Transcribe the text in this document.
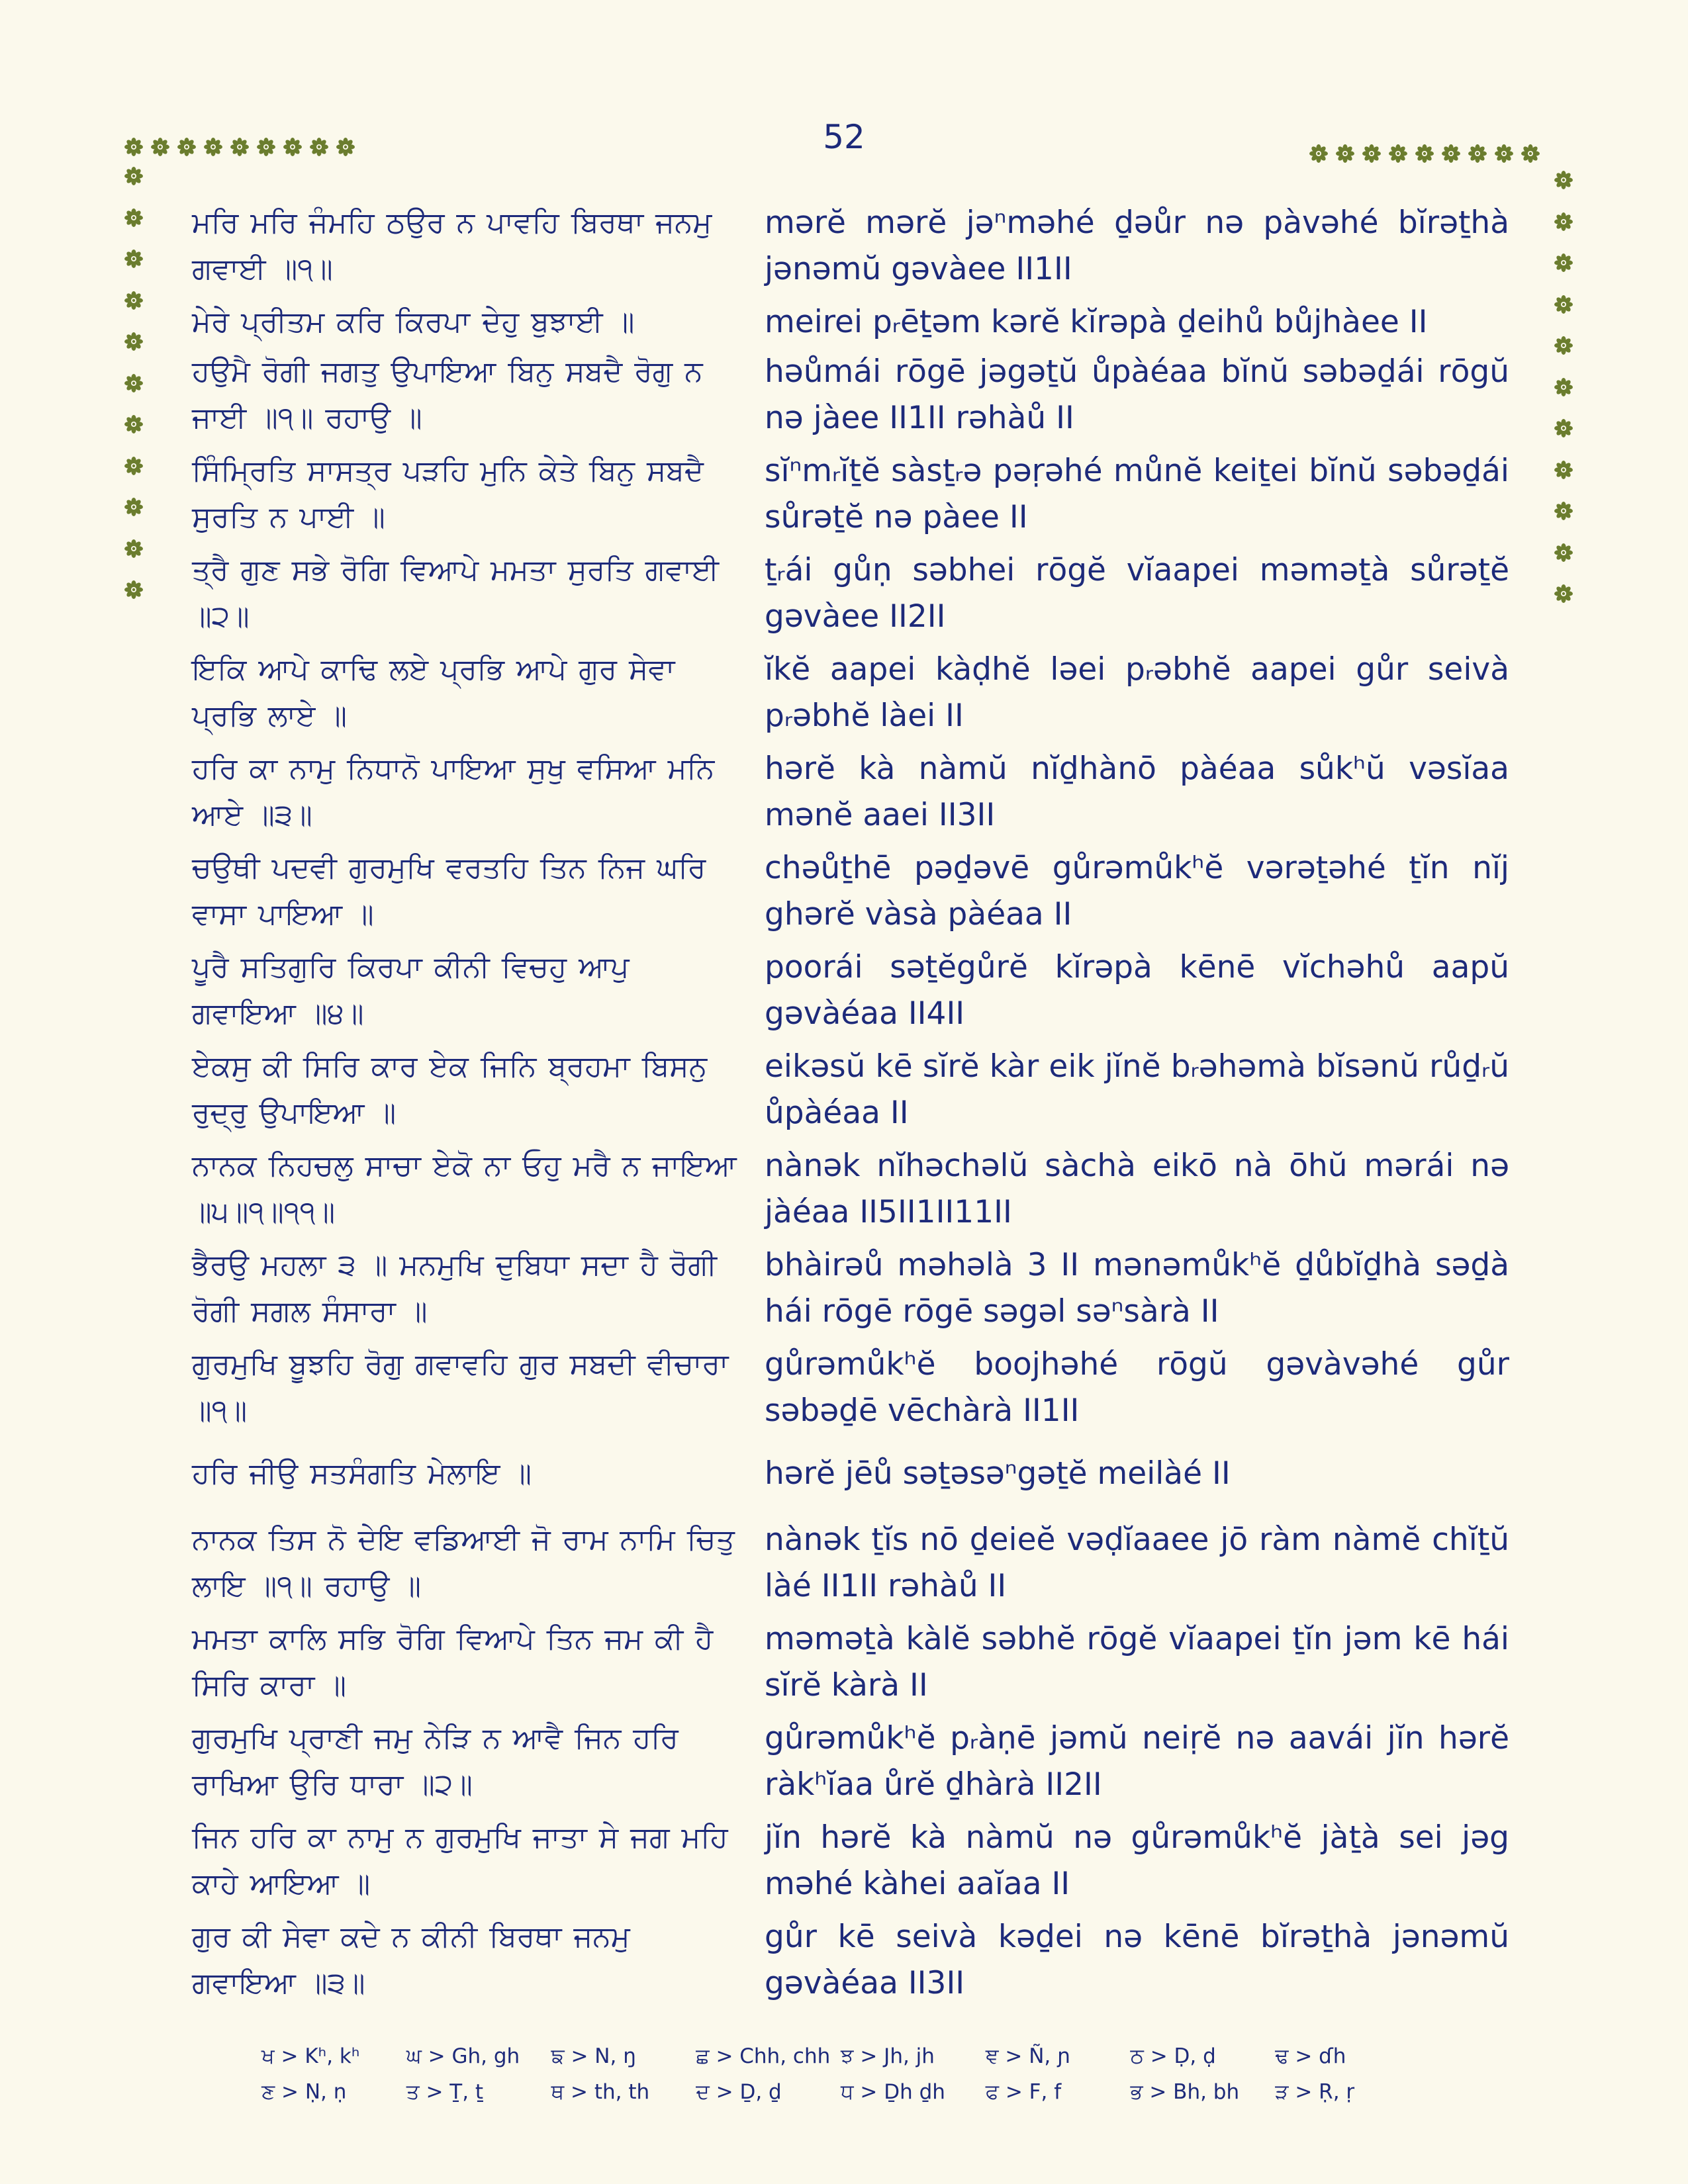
52
ਮਰਿ ਮਰਿ ਜੰਮਹਿ ਠਉਰ ਨ ਪਾਵਹਿ ਬਿਰਥਾ ਜਨਮੁ ਗਵਾਈ ॥੧॥
mərĕ mərĕ jəⁿməhé ḏəůr nə pàvəhé bĭrəṯhà jənəmŭ gəvàee II1II
ਮੇਰੇ ਪ੍ਰੀਤਮ ਕਰਿ ਕਿਰਪਾ ਦੇਹੁ ਬੁਝਾਈ ॥	meirei pᵣēṯəm kərĕ kĭrəpà ḏeihů bůjhàee II
ਹਉਮੈ ਰੋਗੀ ਜਗਤੁ ਉਪਾਇਆ ਬਿਨੁ ਸਬਦੈ ਰੋਗੁ ਨ ਜਾਈ ॥੧॥ ਰਹਾਉ ॥
həůmái rōgē jəgəṯŭ ůpàéaa bĭnŭ səbəḏái rōgŭ nə jàee II1II rəhàů II
ਸਿੰਮ੍ਰਿਤਿ ਸਾਸਤ੍ਰ ਪੜਹਿ ਮੁਨਿ ਕੇਤੇ ਬਿਨੁ ਸਬਦੈ ਸੁਰਤਿ ਨ ਪਾਈ ॥
sĭⁿmᵣĭṯĕ sàsṯᵣə pəṛəhé můnĕ keiṯei bĭnŭ səbəḏái sůrəṯĕ nə pàee II
ਤ੍ਰੈ ਗੁਣ ਸਭੇ ਰੋਗਿ ਵਿਆਪੇ ਮਮਤਾ ਸੁਰਤਿ ਗਵਾਈ ॥੨॥
ṯᵣái gůṇ səbhei rōgĕ vĭaapei məməṯà sůrəṯĕ gəvàee II2II
ਇਕਿ ਆਪੇ ਕਾਢਿ ਲਏ ਪ੍ਰਭਿ ਆਪੇ ਗੁਰ ਸੇਵਾ ਪ੍ਰਭਿ ਲਾਏ ॥
ĭkĕ aapei kàḍhĕ ləei pᵣəbhĕ aapei gůr seivà pᵣəbhĕ làei II
ਹਰਿ ਕਾ ਨਾਮੁ ਨਿਧਾਨੋ ਪਾਇਆ ਸੁਖੁ ਵਸਿਆ ਮਨਿ ਆਏ ॥੩॥
hərĕ kà nàmŭ nĭḏhànō pàéaa sůkʰŭ vəsĭaa mənĕ aaei II3II
ਚਉਥੀ ਪਦਵੀ ਗੁਰਮੁਖਿ ਵਰਤਹਿ ਤਿਨ ਨਿਜ ਘਰਿ ਵਾਸਾ ਪਾਇਆ ॥
chəůṯhē pəḏəvē gůrəmůkʰĕ vərəṯəhé ṯĭn nĭj ghərĕ vàsà pàéaa II
ਪੂਰੈ ਸਤਿਗੁਰਿ ਕਿਰਪਾ ਕੀਨੀ ਵਿਚਹੁ ਆਪੁ ਗਵਾਇਆ ॥੪॥
poorái səṯĕgůrĕ kĭrəpà kēnē vĭchəhů aapŭ gəvàéaa II4II
ਏਕਸੁ ਕੀ ਸਿਰਿ ਕਾਰ ਏਕ ਜਿਨਿ ਬ੍ਰਹਮਾ ਬਿਸਨੁ ਰੁਦ੍ਰੁ ਉਪਾਇਆ ॥
eikəsŭ kē sĭrĕ kàr eik jĭnĕ bᵣəhəmà bĭsənŭ růḏᵣŭ ůpàéaa II
ਨਾਨਕ ਨਿਹਚਲੁ ਸਾਚਾ ਏਕੋ ਨਾ ਓਹੁ ਮਰੈ ਨ ਜਾਇਆ ॥੫॥੧॥੧੧॥
nànək nĭhəchəlŭ sàchà eikō nà ōhŭ mərái nə jàéaa II5II1II11II
ਭੈਰਉ ਮਹਲਾ ੩ ॥ ਮਨਮੁਖਿ ਦੁਬਿਧਾ ਸਦਾ ਹੈ ਰੋਗੀ ਰੋਗੀ ਸਗਲ ਸੰਸਾਰਾ ॥
bhàirəů məhəlà 3 II mənəmůkʰĕ ḏůbĭḏhà səḏà hái rōgē rōgē səgəl səⁿsàrà II
ਗੁਰਮੁਖਿ ਬੂਝਹਿ ਰੋਗੁ ਗਵਾਵਹਿ ਗੁਰ ਸਬਦੀ ਵੀਚਾਰਾ ॥੧॥
gůrəmůkʰĕ boojhəhé rōgŭ gəvàvəhé gůr səbəḏē vēchàrà II1II
ਹਰਿ ਜੀਉ ਸਤਸੰਗਤਿ ਮੇਲਾਇ ॥	hərĕ jēů səṯəsəⁿgəṯĕ meilàé II
ਨਾਨਕ ਤਿਸ ਨੋ ਦੇਇ ਵਡਿਆਈ ਜੋ ਰਾਮ ਨਾਮਿ ਚਿਤੁ ਲਾਇ ॥੧॥ ਰਹਾਉ ॥
nànək ṯĭs nō ḏeieĕ vəḍĭaaee jō ràm nàmĕ chĭṯŭ làé II1II rəhàů II
ਮਮਤਾ ਕਾਲਿ ਸਭਿ ਰੋਗਿ ਵਿਆਪੇ ਤਿਨ ਜਮ ਕੀ ਹੈ ਸਿਰਿ ਕਾਰਾ ॥
məməṯà kàlĕ səbhĕ rōgĕ vĭaapei ṯĭn jəm kē hái sĭrĕ kàrà II
ਗੁਰਮੁਖਿ ਪ੍ਰਾਣੀ ਜਮੁ ਨੇੜਿ ਨ ਆਵੈ ਜਿਨ ਹਰਿ ਰਾਖਿਆ ਉਰਿ ਧਾਰਾ ॥੨॥
gůrəmůkʰĕ pᵣàṇē jəmŭ neiṛĕ nə aavái jĭn hərĕ ràkʰĭaa ůrĕ ḏhàrà II2II
ਜਿਨ ਹਰਿ ਕਾ ਨਾਮੁ ਨ ਗੁਰਮੁਖਿ ਜਾਤਾ ਸੇ ਜਗ ਮਹਿ ਕਾਹੇ ਆਇਆ ॥
jĭn hərĕ kà nàmŭ nə gůrəmůkʰĕ jàṯà sei jəg məhé kàhei aaĭaa II
ਗੁਰ ਕੀ ਸੇਵਾ ਕਦੇ ਨ ਕੀਨੀ ਬਿਰਥਾ ਜਨਮੁ ਗਵਾਇਆ ॥੩॥
gůr kē seivà kəḏei nə kēnē bĭrəṯhà jənəmŭ gəvàéaa II3II
ਖ > Kʰ, kʰ	ਘ > Gh, gh	ਙ > N, ŋ	ਛ > Chh, chh ਝ > Jh, jh	ਞ > Ñ, ɲ	ਠ > Ḍ, ḍ	ਢ > ɗh
ਣ > Ṇ, ṇ	ਤ > Ṯ, ṯ	ਥ > th, th	ਦ > Ḏ, ḏ	ਧ > Ḏh ḏh	ਫ > F, f	ਭ > Bh, bh	ੜ > Ṛ, ṛ
